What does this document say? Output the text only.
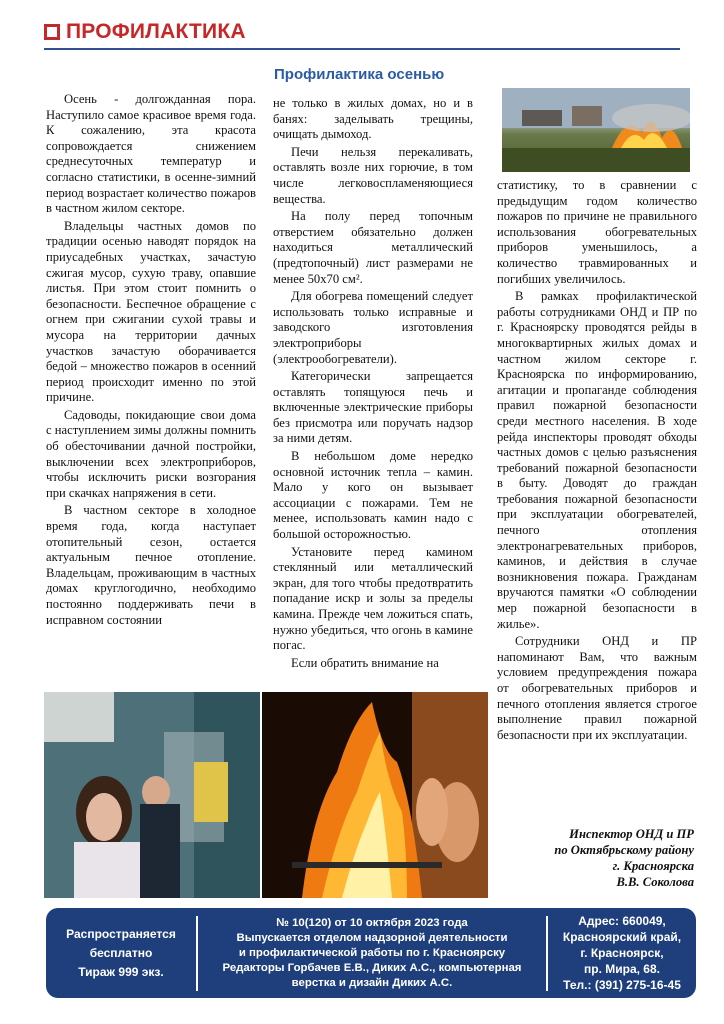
ПРОФИЛАКТИКА
Профилактика осенью

Осень - долгожданная пора. Наступило самое красивое время года. К сожалению, эта красота сопровождается снижением среднесуточных температур и согласно статистики, в осенне-зимний период возрастает количество пожаров в частном жилом секторе.

Владельцы частных домов по традиции осенью наводят порядок на приусадебных участках, зачастую сжигая мусор, сухую траву, опавшие листья. При этом стоит помнить о безопасности. Беспечное обращение с огнем при сжигании сухой травы и мусора на территории дачных участков зачастую оборачивается бедой – множество пожаров в осенний период происходит именно по этой причине.

Садоводы, покидающие свои дома с наступлением зимы должны помнить об обесточивании дачной постройки, выключении всех электроприборов, чтобы исключить риски возгорания при скачках напряжения в сети.

В частном секторе в холодное время года, когда наступает отопительный сезон, остается актуальным печное отопление. Владельцам, проживающим в частных домах круглогодично, необходимо постоянно поддерживать печи в исправном состоянии

не только в жилых домах, но и в банях: заделывать трещины, очищать дымоход.

Печи нельзя перекаливать, оставлять возле них горючие, в том числе легковоспламеняющиеся вещества.

На полу перед топочным отверстием обязательно должен находиться металлический (предтопочный) лист размерами не менее 50х70 см².

Для обогрева помещений следует использовать только исправные и заводского изготовления электроприборы (электрообогреватели).

Категорически запрещается оставлять топящуюся печь и включенные электрические приборы без присмотра или поручать надзор за ними детям.

В небольшом доме нередко основной источник тепла – камин. Мало у кого он вызывает ассоциации с пожарами. Тем не менее, использовать камин надо с большой осторожностью.

Установите перед камином стеклянный или металлический экран, для того чтобы предотвратить попадание искр и золы за пределы камина. Прежде чем ложиться спать, нужно убедиться, что огонь в камине погас.

Если обратить внимание на

статистику, то в сравнении с предыдущим годом количество пожаров по причине не правильного использования обогревательных приборов уменьшилось, а количество травмированных и погибших увеличилось.

В рамках профилактической работы сотрудниками ОНД и ПР по г. Красноярску проводятся рейды в многоквартирных жилых домах и частном жилом секторе г. Красноярска по информированию, агитации и пропаганде соблюдения правил пожарной безопасности среди местного населения. В ходе рейда инспекторы проводят обходы частных домов с целью разъяснения требований пожарной безопасности в быту. Доводят до граждан требования пожарной безопасности при эксплуатации обогревателей, печного отопления электронагревательных приборов, каминов, и действия в случае возникновения пожара. Гражданам вручаются памятки «О соблюдении мер пожарной безопасности в жилье».

Сотрудники ОНД и ПР напоминают Вам, что важным условием предупреждения пожара от обогревательных приборов и печного отопления является строгое выполнение правил пожарной безопасности при их эксплуатации.

Инспектор ОНД и ПР
по Октябрьскому району
г. Красноярска
В.В. Соколова
Распространяется
бесплатно
Тираж 999 экз.
№ 10(120) от 10 октября 2023 года
Выпускается отделом надзорной деятельности
и профилактической работы по г. Красноярску
Редакторы Горбачев Е.В., Диких А.С., компьютерная
верстка и дизайн Диких А.С.
Адрес: 660049,
Красноярский край,
г. Красноярск,
пр. Мира, 68.
Тел.: (391) 275-16-45
